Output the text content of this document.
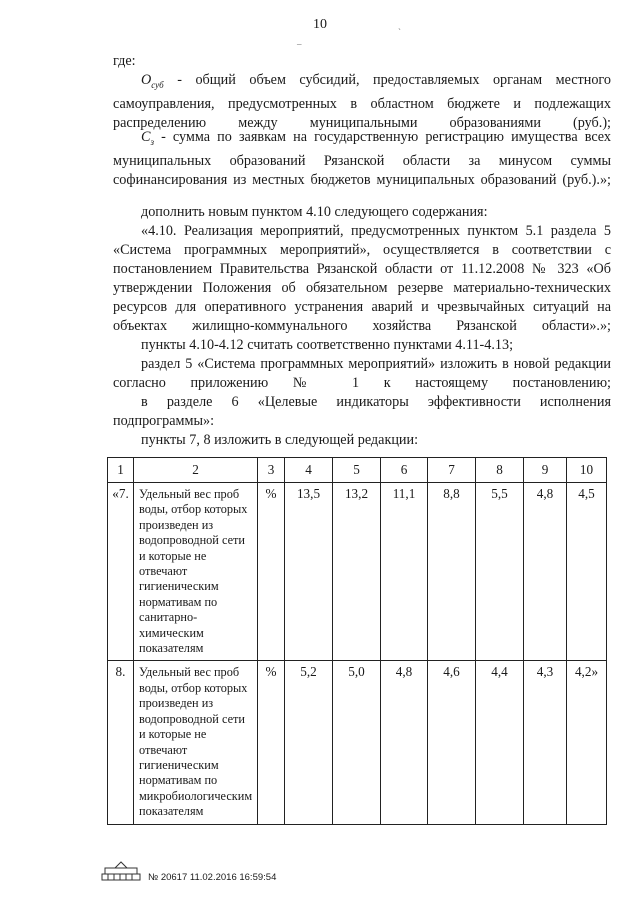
10

где:

$O_{суб}$ - общий объем субсидий, предоставляемых органам местного самоуправления, предусмотренных в областном бюджете и подлежащих распределению между муниципальными образованиями (руб.);

$C_з$ - сумма по заявкам на государственную регистрацию имущества всех муниципальных образований Рязанской области за минусом суммы софинансирования из местных бюджетов муниципальных образований (руб.).»;

дополнить новым пунктом 4.10 следующего содержания:

«4.10. Реализация мероприятий, предусмотренных пунктом 5.1 раздела 5 «Система программных мероприятий», осуществляется в соответствии с постановлением Правительства Рязанской области от 11.12.2008 № 323 «Об утверждении Положения об обязательном резерве материально-технических ресурсов для оперативного устранения аварий и чрезвычайных ситуаций на объектах жилищно-коммунального хозяйства Рязанской области».»;

пункты 4.10-4.12 считать соответственно пунктами 4.11-4.13;

раздел 5 «Система программных мероприятий» изложить в новой редакции согласно приложению № 1 к настоящему постановлению;

в разделе 6 «Целевые индикаторы эффективности исполнения подпрограммы»:

пункты 7, 8 изложить в следующей редакции:

1	2	3	4	5	6	7	8	9	10
«7.	Удельный вес проб воды, отбор которых произведен из водопроводной сети и которые не отвечают гигиеническим нормативам по санитарно-химическим показателям	%	13,5	13,2	11,1	8,8	5,5	4,8	4,5
8.	Удельный вес проб воды, отбор которых произведен из водопроводной сети и которые не отвечают гигиеническим нормативам по микробиологическим показателям	%	5,2	5,0	4,8	4,6	4,4	4,3	4,2»
№ 20617 11.02.2016 16:59:54
ˎ
_
